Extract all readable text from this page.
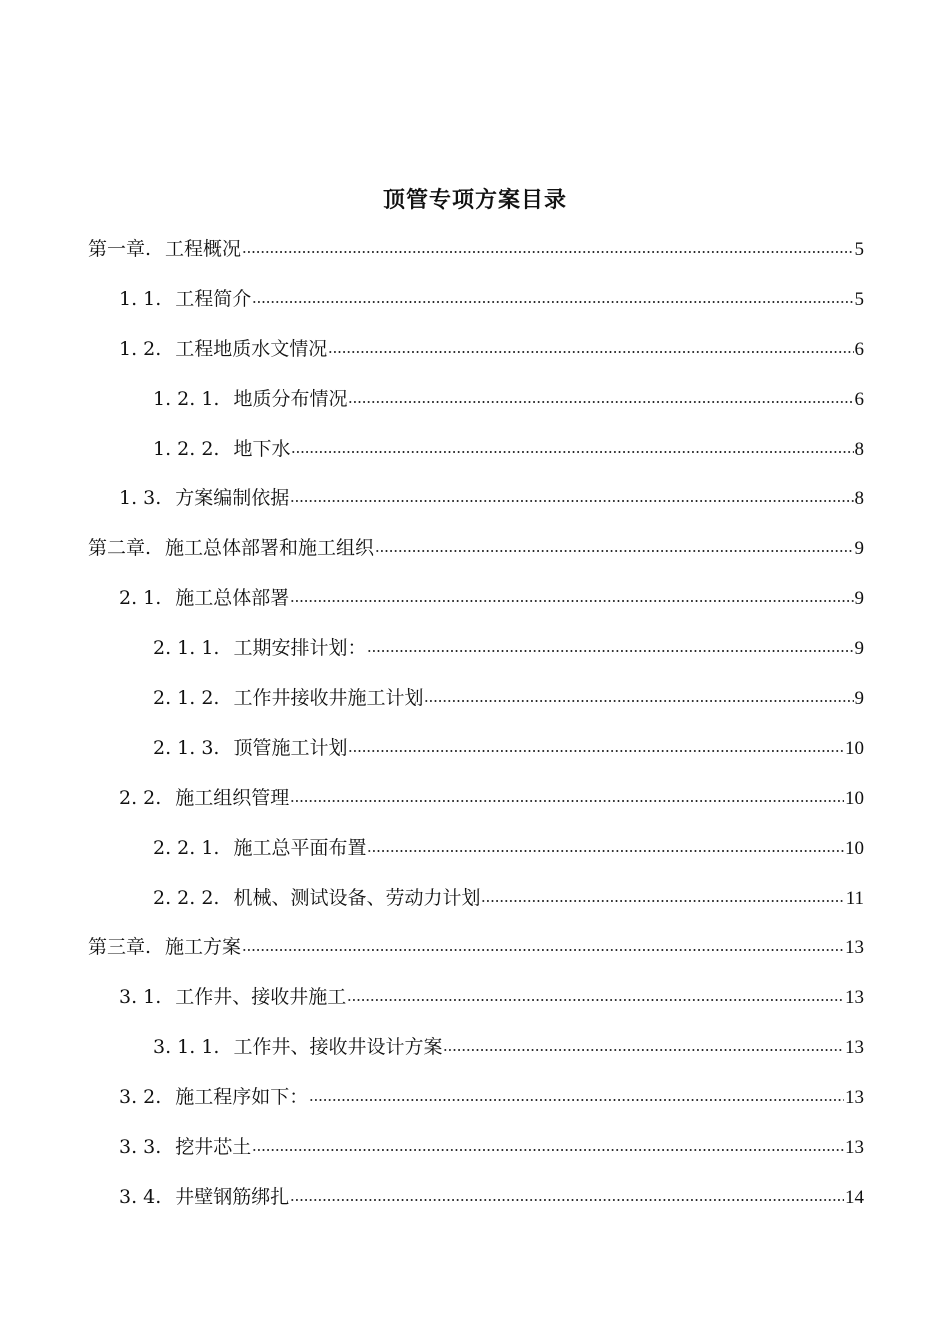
顶管专项方案目录
第一章. 工程概况	5
1. 1. 工程简介	5
1. 2. 工程地质水文情况	6
1. 2. 1. 地质分布情况	6
1. 2. 2. 地下水	8
1. 3. 方案编制依据	8
第二章. 施工总体部署和施工组织	9
2. 1. 施工总体部署	9
2. 1. 1. 工期安排计划：	9
2. 1. 2. 工作井接收井施工计划	9
2. 1. 3. 顶管施工计划	10
2. 2. 施工组织管理	10
2. 2. 1. 施工总平面布置	10
2. 2. 2. 机械、测试设备、劳动力计划	11
第三章. 施工方案	13
3. 1. 工作井、接收井施工	13
3. 1. 1. 工作井、接收井设计方案	13
3. 2. 施工程序如下：	13
3. 3. 挖井芯土	13
3. 4. 井壁钢筋绑扎	14
